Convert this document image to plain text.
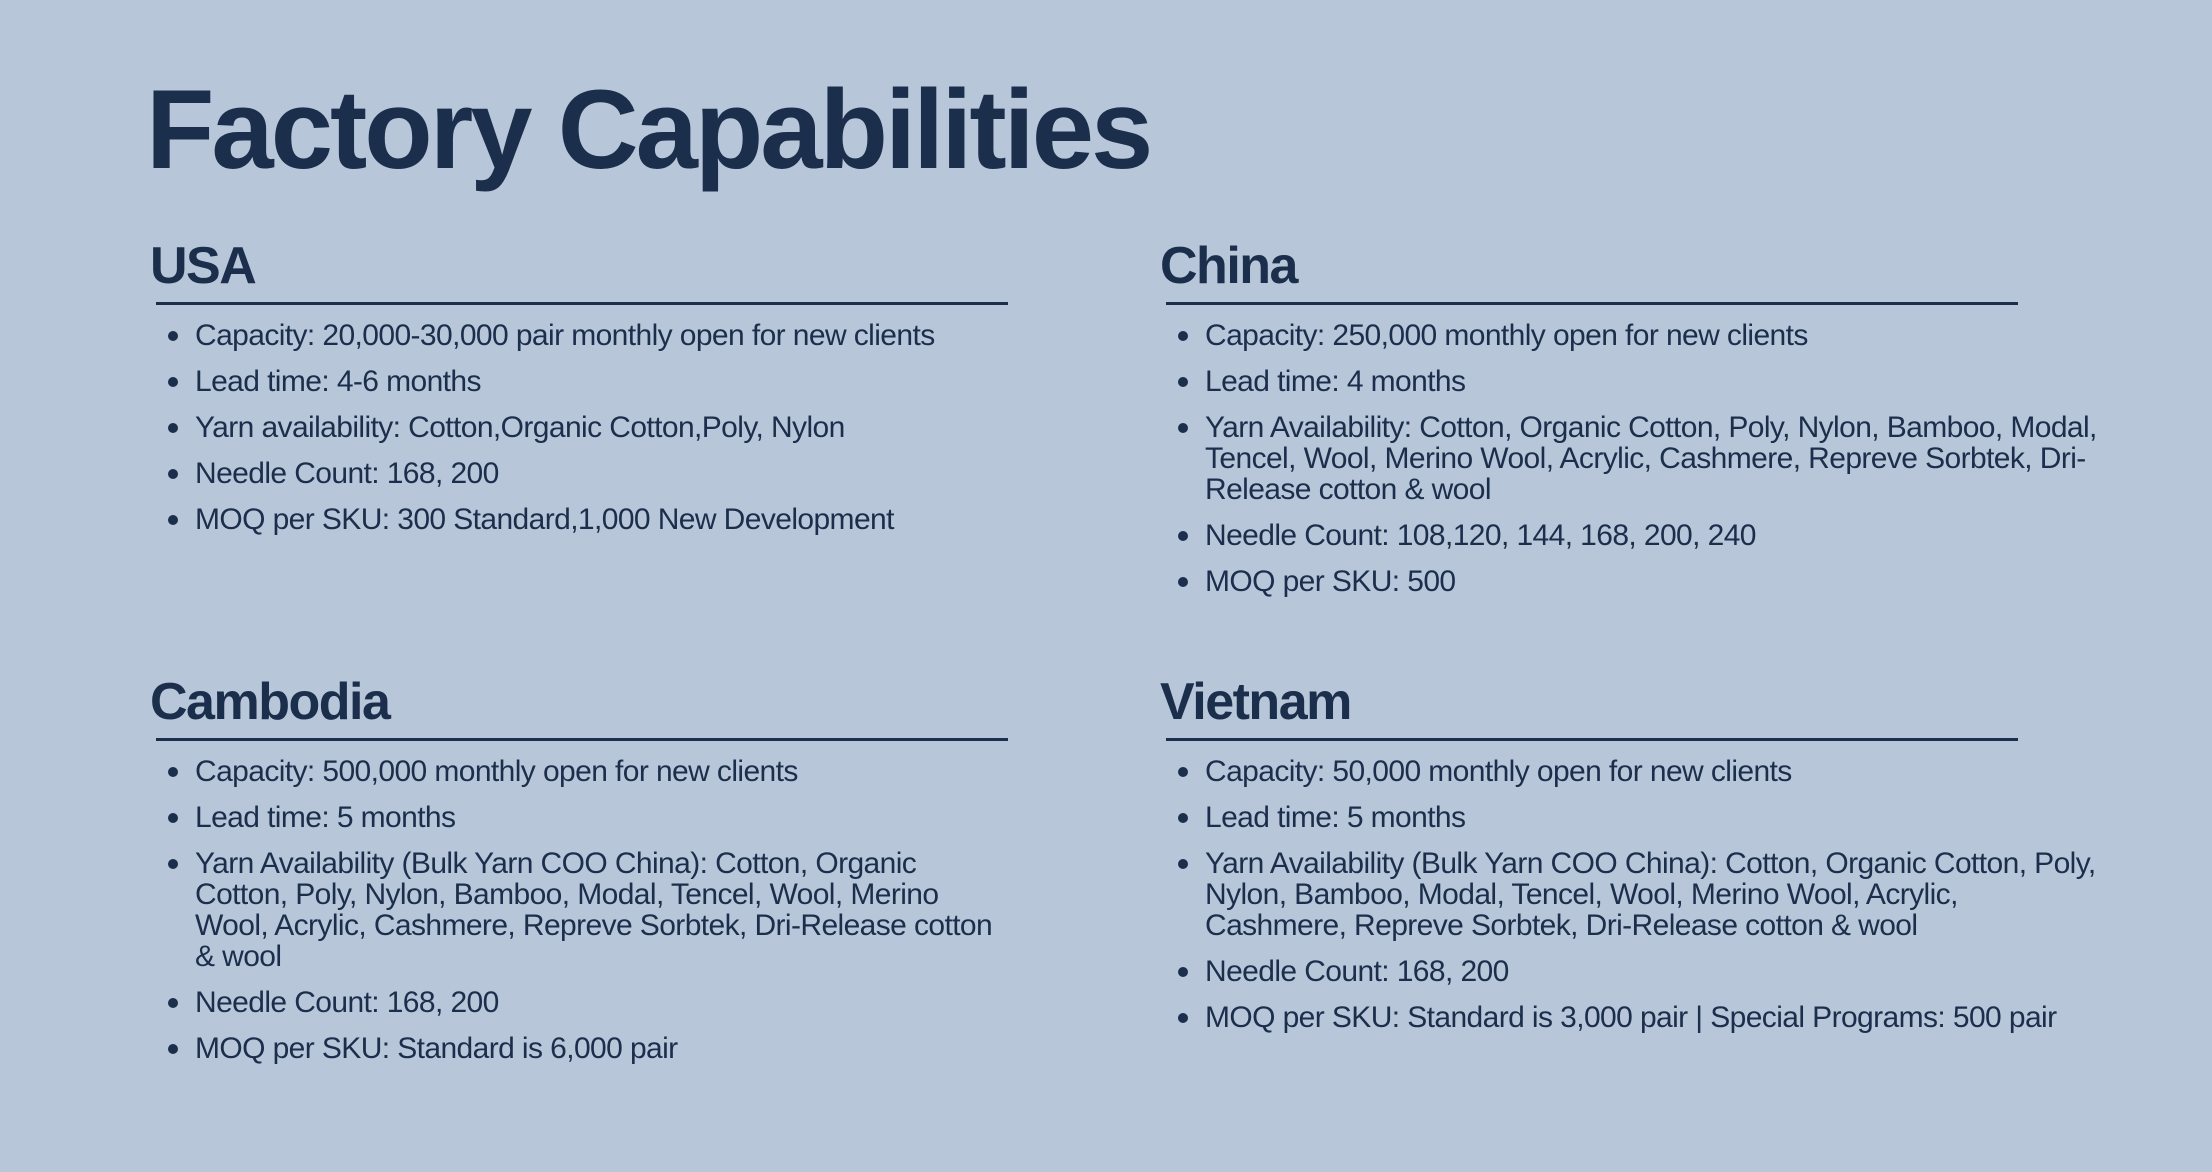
Factory Capabilities
USA
Capacity: 20,000-30,000 pair monthly open for new clients
Lead time: 4-6 months
Yarn availability: Cotton,Organic Cotton,Poly, Nylon
Needle Count: 168, 200
MOQ per SKU: 300 Standard,1,000 New Development
China
Capacity: 250,000 monthly open for new clients
Lead time: 4 months
Yarn Availability: Cotton, Organic Cotton, Poly, Nylon, Bamboo, Modal, Tencel, Wool, Merino Wool, Acrylic, Cashmere, Repreve Sorbtek, Dri-Release cotton & wool
Needle Count: 108,120, 144, 168, 200, 240
MOQ per SKU: 500
Cambodia
Capacity: 500,000 monthly open for new clients
Lead time: 5 months
Yarn Availability (Bulk Yarn COO China): Cotton, Organic Cotton, Poly, Nylon, Bamboo, Modal, Tencel, Wool, Merino Wool, Acrylic, Cashmere, Repreve Sorbtek, Dri-Release cotton & wool
Needle Count: 168, 200
MOQ per SKU: Standard is 6,000 pair
Vietnam
Capacity: 50,000 monthly open for new clients
Lead time: 5 months
Yarn Availability (Bulk Yarn COO China): Cotton, Organic Cotton, Poly, Nylon, Bamboo, Modal, Tencel, Wool, Merino Wool, Acrylic, Cashmere, Repreve Sorbtek, Dri-Release cotton & wool
Needle Count: 168, 200
MOQ per SKU: Standard is 3,000 pair | Special Programs: 500 pair
